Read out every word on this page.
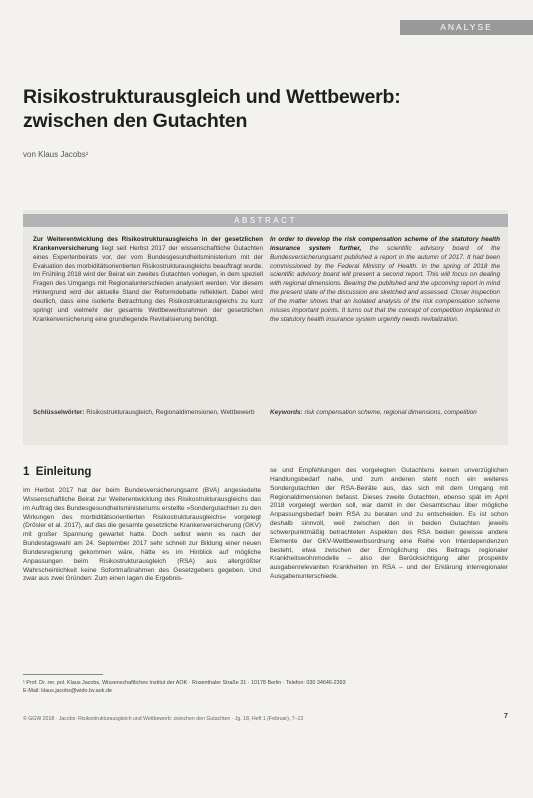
ANALYSE
Risikostrukturausgleich und Wettbewerb:
zwischen den Gutachten
von Klaus Jacobs¹
ABSTRACT
Zur Weiterentwicklung des Risikostrukturausgleichs in der gesetzlichen Krankenversicherung liegt seit Herbst 2017 der wissenschaftliche Gutachten eines Expertenbeirats vor, der vom Bundesgesundheitsministerium mit der Evaluation des morbiditätsorientierten Risikostrukturausgleichs beauftragt wurde. Im Frühling 2018 wird der Beirat ein zweites Gutachten vorlegen, in dem speziell Fragen des Umgangs mit Regionalunterschieden analysiert werden. Vor diesem Hintergrund wird der aktuelle Stand der Reformdebatte reflektiert. Dabei wird deutlich, dass eine isolierte Betrachtung des Risikostrukturausgleichs zu kurz springt und vielmehr der gesamte Wettbewerbsrahmen der gesetzlichen Krankenversicherung eine grundlegende Revitalisierung benötigt.
In order to develop the risk compensation scheme of the statutory health insurance system further, the scientific advisory board of the Bundesversicherungsamt published a report in the autumn of 2017. It had been commissioned by the Federal Ministry of Health. In the spring of 2018 the scientific advisory board will present a second report. This will focus on dealing with regional dimensions. Bearing the published and the upcoming report in mind the present state of the discussion are sketched and assessed. Closer inspection of the matter shows that an isolated analysis of the risk compensation scheme misses important points. It turns out that the concept of competition implanted in the statutory health insurance system urgently needs revitalization.
Schlüsselwörter: Risikostrukturausgleich, Regionaldimensionen, Wettbewerb	Keywords: risk compensation scheme, regional dimensions, competition
1 Einleitung
Im Herbst 2017 hat der beim Bundesversicherungsamt (BVA) angesiedelte Wissenschaftliche Beirat zur Weiterentwicklung des Risikostrukturausgleichs das im Auftrag des Bundesgesundheitsministeriums erstellte »Sondergutachten zu den Wirkungen des morbiditätsorientierten Risikostrukturausgleichs« vorgelegt (Drösler et al. 2017), auf das die gesamte gesetzliche Krankenversicherung (GKV) mit großer Spannung gewartet hatte. Doch selbst wenn es nach der Bundestagswahl am 24. September 2017 sehr schnell zur Bildung einer neuen Bundesregierung gekommen wäre, hätte es im Hinblick auf mögliche Anpassungen beim Risikostrukturausgleich (RSA) aus allergrößter Wahrscheinlichkeit keine Sofortmaßnahmen des Gesetzgebers gegeben. Und zwar aus zwei Gründen: Zum einen lagen die Ergebnis-
se und Empfehlungen des vorgelegten Gutachtens keinen unverzüglichen Handlungsbedarf nahe, und zum anderen steht noch ein weiteres Sondergutachten der RSA-Beiräte aus, das sich mit dem Umgang mit Regionaldimensionen befasst. Dieses zweite Gutachten, ebenso spät im April 2018 vorgelegt werden soll, war damit in der Gesamtschau über mögliche Anpassungsbedarf beim RSA zu beraten und zu entscheiden. Es ist schon deshalb sinnvoll, weil zwischen den in beiden Gutachten jeweils schwerpunktmäßig betrachteten Aspekten des RSA beiden gewisse andere Elemente der GKV-Wettbewerbsordnung eine Reihe von Interdependenzen besteht, etwa zwischen der Ermöglichung des Beitrags regionaler Krankheitswohnmodelle – also der Berücksichtigung aller prospektiv ausgabenrelevanten Krankheiten im RSA – und der Erklärung interregionaler Ausgabenunterschiede.
¹ Prof. Dr. rer. pol. Klaus Jacobs, Wissenschaftliches Institut der AOK · Rosenthaler Straße 31 · 10178 Berlin · Telefon: 030 34646-2393
E-Mail: klaus.jacobs@wido.bv.aok.de
© GGW 2018 · Jacobs: Risikostrukturausgleich und Wettbewerb: zwischen den Gutachten · Jg. 18, Heft 1 (Februar), 7–13	7
